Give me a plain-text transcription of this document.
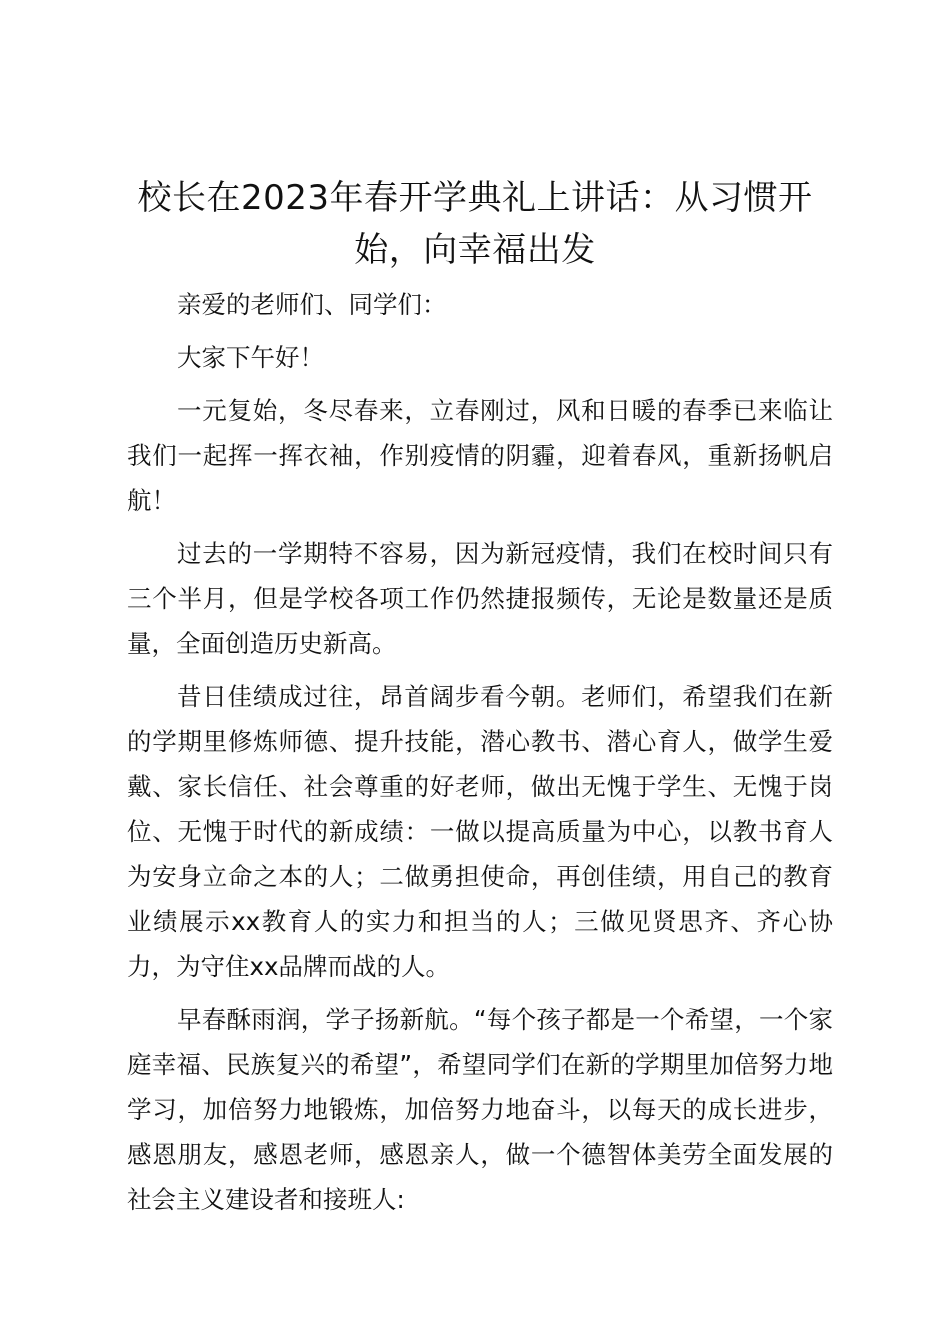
校长在2023年春开学典礼上讲话：从习惯开始，向幸福出发

亲爱的老师们、同学们：

大家下午好！

一元复始，冬尽春来，立春刚过，风和日暖的春季已来临让我们一起挥一挥衣袖，作别疫情的阴霾，迎着春风，重新扬帆启航！

过去的一学期特不容易，因为新冠疫情，我们在校时间只有三个半月，但是学校各项工作仍然捷报频传，无论是数量还是质量，全面创造历史新高。

昔日佳绩成过往，昂首阔步看今朝。老师们，希望我们在新的学期里修炼师德、提升技能，潜心教书、潜心育人，做学生爱戴、家长信任、社会尊重的好老师，做出无愧于学生、无愧于岗位、无愧于时代的新成绩：一做以提高质量为中心，以教书育人为安身立命之本的人；二做勇担使命，再创佳绩，用自己的教育业绩展示xx教育人的实力和担当的人；三做见贤思齐、齐心协力，为守住xx品牌而战的人。

早春酥雨润，学子扬新航。“每个孩子都是一个希望，一个家庭幸福、民族复兴的希望”，希望同学们在新的学期里加倍努力地学习，加倍努力地锻炼，加倍努力地奋斗，以每天的成长进步，感恩朋友，感恩老师，感恩亲人，做一个德智体美劳全面发展的社会主义建设者和接班人:
